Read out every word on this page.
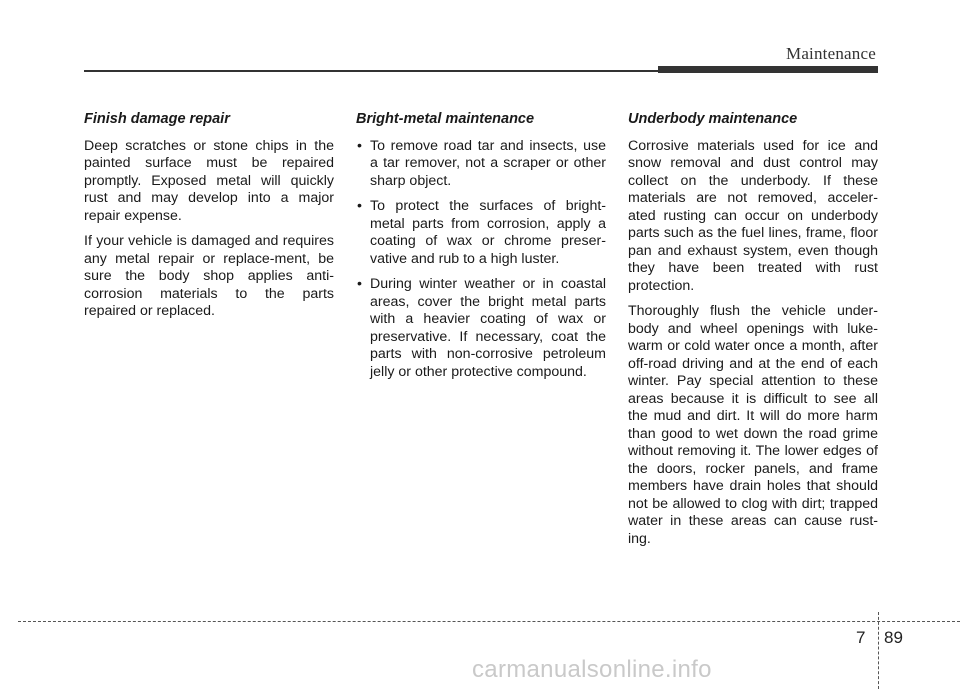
Maintenance
Finish damage repair

Deep scratches or stone chips in the painted surface must be repaired promptly. Exposed metal will quickly rust and may develop into a major repair expense.

If your vehicle is damaged and requires any metal repair or replace-ment, be sure the body shop applies anti-corrosion materials to the parts repaired or replaced.

Bright-metal maintenance
• To remove road tar and insects, use a tar remover, not a scraper or other sharp object.
• To protect the surfaces of bright-metal parts from corrosion, apply a coating of wax or chrome preser-vative and rub to a high luster.
• During winter weather or in coastal areas, cover the bright metal parts with a heavier coating of wax or preservative. If necessary, coat the parts with non-corrosive petroleum jelly or other protective compound.
Underbody maintenance

Corrosive materials used for ice and snow removal and dust control may collect on the underbody. If these materials are not removed, acceler-ated rusting can occur on underbody parts such as the fuel lines, frame, floor pan and exhaust system, even though they have been treated with rust protection.

Thoroughly flush the vehicle under-body and wheel openings with luke-warm or cold water once a month, after off-road driving and at the end of each winter. Pay special attention to these areas because it is difficult to see all the mud and dirt. It will do more harm than good to wet down the road grime without removing it. The lower edges of the doors, rocker panels, and frame members have drain holes that should not be allowed to clog with dirt; trapped water in these areas can cause rust-ing.

7 89
carmanualsonline.info
